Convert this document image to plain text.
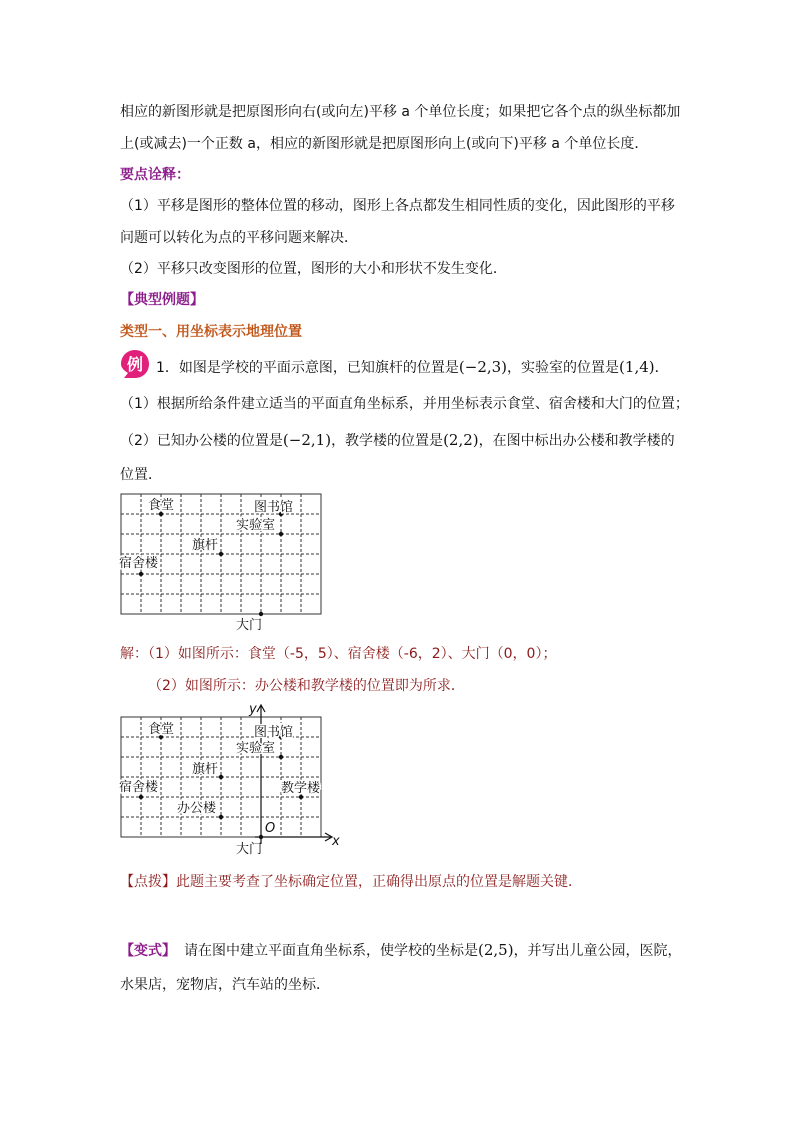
相应的新图形就是把原图形向右(或向左)平移 a 个单位长度；如果把它各个点的纵坐标都加
上(或减去)一个正数 a，相应的新图形就是把原图形向上(或向下)平移 a 个单位长度．
要点诠释：
（1）平移是图形的整体位置的移动，图形上各点都发生相同性质的变化，因此图形的平移
问题可以转化为点的平移问题来解决．
（2）平移只改变图形的位置，图形的大小和形状不发生变化．
【典型例题】
类型一、用坐标表示地理位置
例 1．如图是学校的平面示意图，已知旗杆的位置是(−2,3)，实验室的位置是(1,4)．
（1）根据所给条件建立适当的平面直角坐标系，并用坐标表示食堂、宿舍楼和大门的位置；
（2）已知办公楼的位置是(−2,1)，教学楼的位置是(2,2)，在图中标出办公楼和教学楼的
位置．
食堂	图书馆
实验室
旗杆
宿舍楼
大门
解：（1）如图所示：食堂（-5，5）、宿舍楼（-6，2）、大门（0，0）；
（2）如图所示：办公楼和教学楼的位置即为所求．
食堂	图书馆
实验室
旗杆
宿舍楼	教学楼
办公楼
大门
O
x
y
【点拨】此题主要考查了坐标确定位置，正确得出原点的位置是解题关键．
【变式】 请在图中建立平面直角坐标系，使学校的坐标是(2,5)，并写出儿童公园，医院，
水果店，宠物店，汽车站的坐标．
